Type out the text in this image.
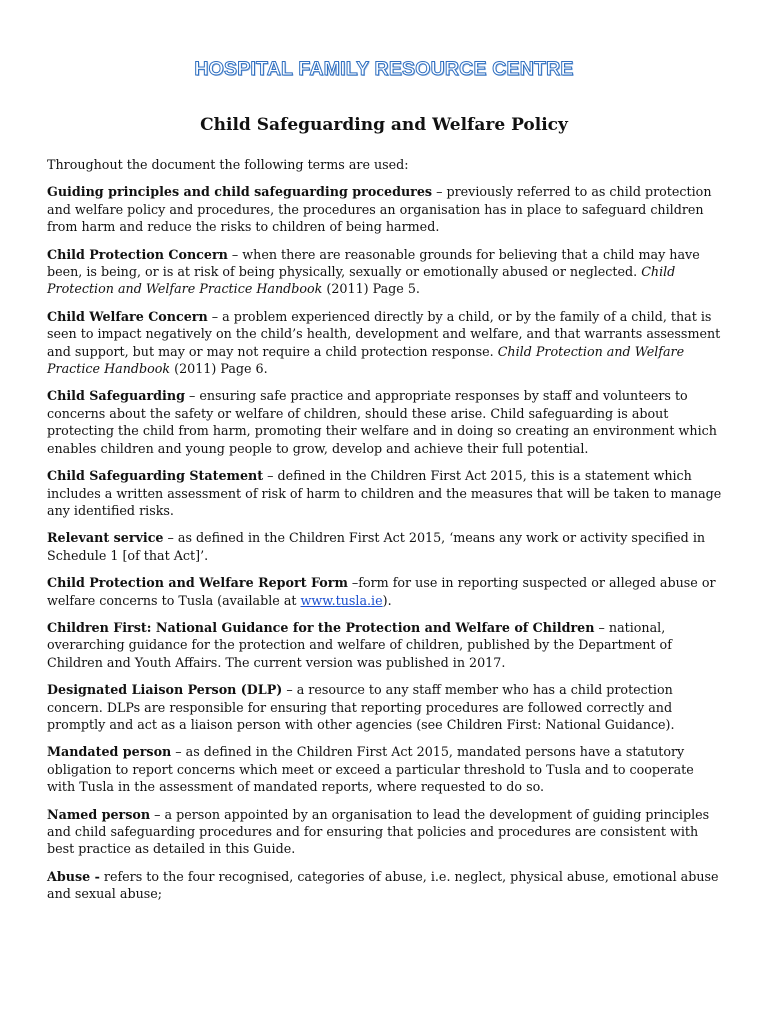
HOSPITAL FAMILY RESOURCE CENTRE
Child Safeguarding and Welfare Policy

Throughout the document the following terms are used:

Guiding principles and child safeguarding procedures – previously referred to as child protection and welfare policy and procedures, the procedures an organisation has in place to safeguard children from harm and reduce the risks to children of being harmed.

Child Protection Concern – when there are reasonable grounds for believing that a child may have been, is being, or is at risk of being physically, sexually or emotionally abused or neglected. Child Protection and Welfare Practice Handbook (2011) Page 5.

Child Welfare Concern – a problem experienced directly by a child, or by the family of a child, that is seen to impact negatively on the child’s health, development and welfare, and that warrants assessment and support, but may or may not require a child protection response. Child Protection and Welfare Practice Handbook (2011) Page 6.

Child Safeguarding – ensuring safe practice and appropriate responses by staff and volunteers to concerns about the safety or welfare of children, should these arise. Child safeguarding is about protecting the child from harm, promoting their welfare and in doing so creating an environment which enables children and young people to grow, develop and achieve their full potential.

Child Safeguarding Statement – defined in the Children First Act 2015, this is a statement which includes a written assessment of risk of harm to children and the measures that will be taken to manage any identified risks.

Relevant service – as defined in the Children First Act 2015, ‘means any work or activity specified in Schedule 1 [of that Act]’.

Child Protection and Welfare Report Form –form for use in reporting suspected or alleged abuse or welfare concerns to Tusla (available at www.tusla.ie).

Children First: National Guidance for the Protection and Welfare of Children – national, overarching guidance for the protection and welfare of children, published by the Department of Children and Youth Affairs. The current version was published in 2017.

Designated Liaison Person (DLP) – a resource to any staff member who has a child protection concern. DLPs are responsible for ensuring that reporting procedures are followed correctly and promptly and act as a liaison person with other agencies (see Children First: National Guidance).

Mandated person – as defined in the Children First Act 2015, mandated persons have a statutory obligation to report concerns which meet or exceed a particular threshold to Tusla and to cooperate with Tusla in the assessment of mandated reports, where requested to do so.

Named person – a person appointed by an organisation to lead the development of guiding principles and child safeguarding procedures and for ensuring that policies and procedures are consistent with best practice as detailed in this Guide.

Abuse - refers to the four recognised, categories of abuse, i.e. neglect, physical abuse, emotional abuse and sexual abuse;
